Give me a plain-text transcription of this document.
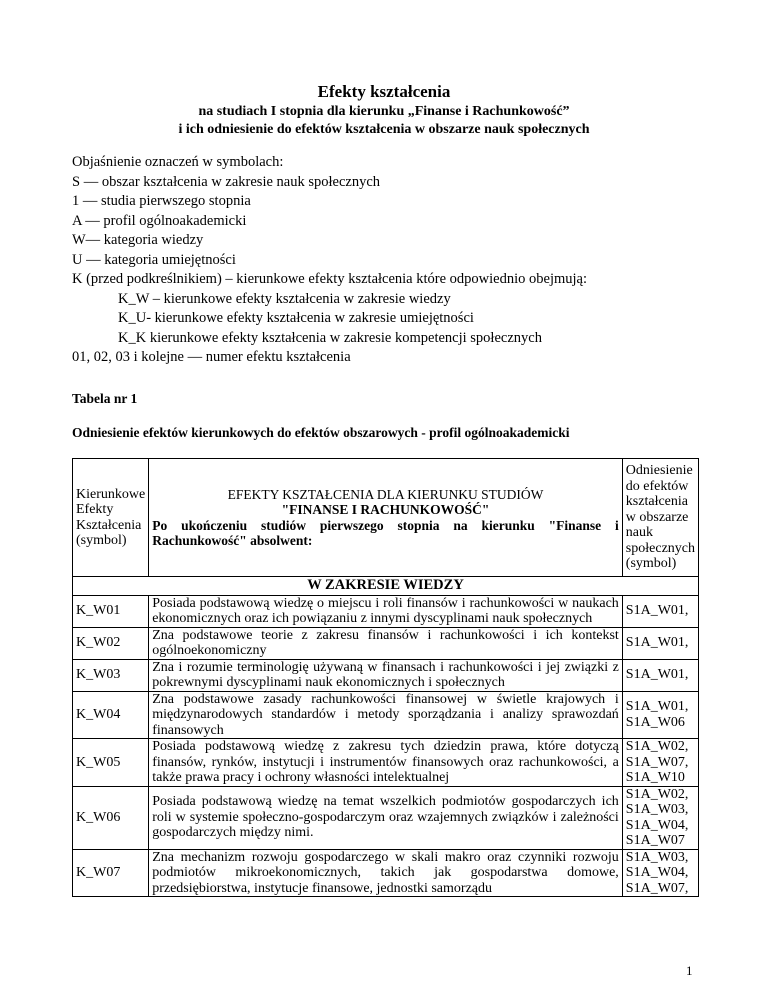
Efekty kształcenia
na studiach I stopnia dla kierunku „Finanse i Rachunkowość”
i ich odniesienie do efektów kształcenia w obszarze nauk społecznych
Objaśnienie oznaczeń w symbolach:
S — obszar kształcenia w zakresie nauk społecznych
1 — studia pierwszego stopnia
A — profil ogólnoakademicki
W— kategoria wiedzy
U — kategoria umiejętności
K (przed podkreślnikiem) – kierunkowe efekty kształcenia które odpowiednio obejmują:
K_W – kierunkowe efekty kształcenia w zakresie wiedzy
K_U- kierunkowe efekty kształcenia w zakresie umiejętności
K_K kierunkowe efekty kształcenia w zakresie kompetencji społecznych
01, 02, 03 i kolejne — numer efektu kształcenia
Tabela nr 1
Odniesienie efektów kierunkowych do efektów obszarowych - profil ogólnoakademicki
Kierunkowe Efekty Kształcenia (symbol)	EFEKTY KSZTAŁCENIA DLA KIERUNKU STUDIÓW
"FINANSE I RACHUNKOWOŚĆ"
Po ukończeniu studiów pierwszego stopnia na kierunku "Finanse i Rachunkowość" absolwent:	Odniesienie do efektów kształcenia w obszarze nauk społecznych (symbol)
W ZAKRESIE WIEDZY		
K_W01	Posiada podstawową wiedzę o miejscu i roli finansów i rachunkowości w naukach ekonomicznych oraz ich powiązaniu z innymi dyscyplinami nauk społecznych	S1A_W01,
K_W02	Zna podstawowe teorie z zakresu finansów i rachunkowości i ich kontekst ogólnoekonomiczny	S1A_W01,
K_W03	Zna i rozumie terminologię używaną w finansach i rachunkowości i jej związki z pokrewnymi dyscyplinami nauk ekonomicznych i społecznych	S1A_W01,
K_W04	Zna podstawowe zasady rachunkowości finansowej w świetle krajowych i międzynarodowych standardów i metody sporządzania i analizy sprawozdań finansowych	S1A_W01, S1A_W06
K_W05	Posiada podstawową wiedzę z zakresu tych dziedzin prawa, które dotyczą finansów, rynków, instytucji i instrumentów finansowych oraz rachunkowości, a także prawa pracy i ochrony własności intelektualnej	S1A_W02, S1A_W07, S1A_W10
K_W06	Posiada podstawową wiedzę na temat wszelkich podmiotów gospodarczych ich roli w systemie społeczno-gospodarczym oraz wzajemnych związków i zależności gospodarczych między nimi.	S1A_W02, S1A_W03, S1A_W04, S1A_W07
K_W07	Zna mechanizm rozwoju gospodarczego w skali makro oraz czynniki rozwoju podmiotów mikroekonomicznych, takich jak gospodarstwa domowe, przedsiębiorstwa, instytucje finansowe, jednostki samorządu	S1A_W03, S1A_W04, S1A_W07,
1
